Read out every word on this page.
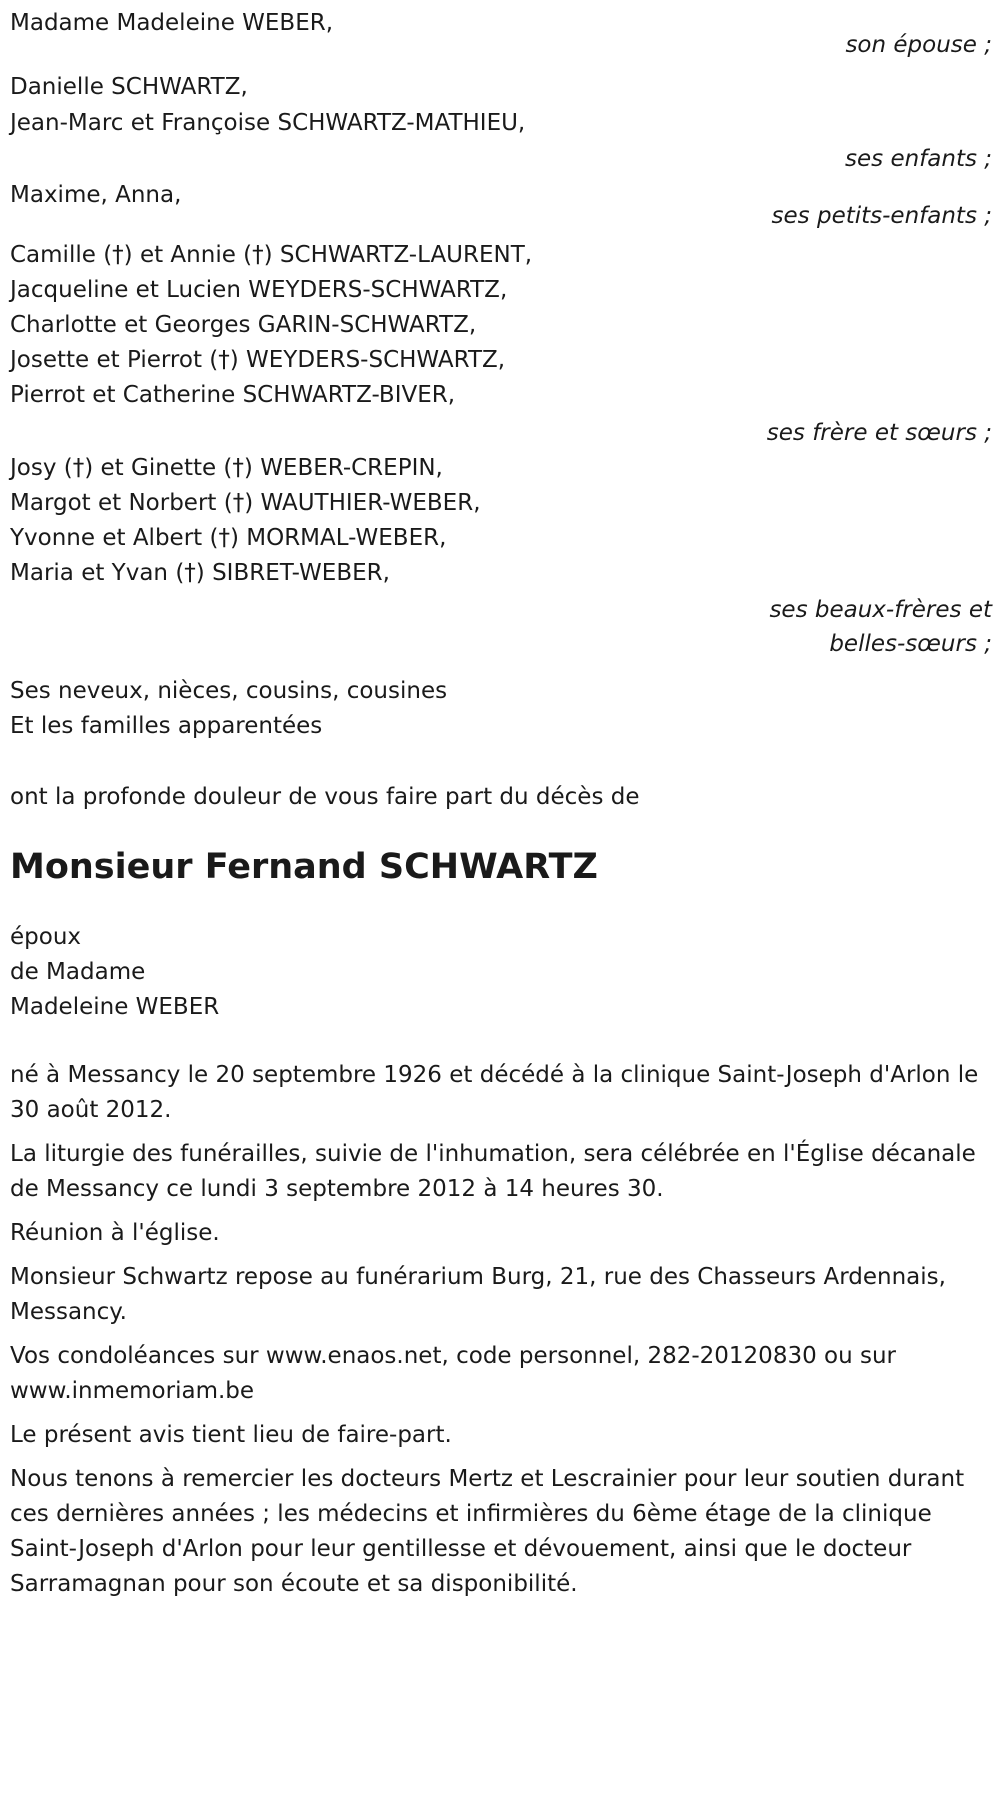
Madame Madeleine WEBER,
son épouse ;
Danielle SCHWARTZ,
Jean-Marc et Françoise SCHWARTZ-MATHIEU,
ses enfants ;
Maxime, Anna,
ses petits-enfants ;
Camille (†) et Annie (†) SCHWARTZ-LAURENT,
Jacqueline et Lucien WEYDERS-SCHWARTZ,
Charlotte et Georges GARIN-SCHWARTZ,
Josette et Pierrot (†) WEYDERS-SCHWARTZ,
Pierrot et Catherine SCHWARTZ-BIVER,
ses frère et sœurs ;
Josy (†) et Ginette (†) WEBER-CREPIN,
Margot et Norbert (†) WAUTHIER-WEBER,
Yvonne et Albert (†) MORMAL-WEBER,
Maria et Yvan (†) SIBRET-WEBER,
ses beaux-frères et
belles-sœurs ;
Ses neveux, nièces, cousins, cousines
Et les familles apparentées

ont la profonde douleur de vous faire part du décès de

Monsieur Fernand SCHWARTZ
époux
de Madame
Madeleine WEBER

né à Messancy le 20 septembre 1926 et décédé à la clinique Saint-Joseph d'Arlon le 30 août 2012.

La liturgie des funérailles, suivie de l'inhumation, sera célébrée en l'Église décanale de Messancy ce lundi 3 septembre 2012 à 14 heures 30.

Réunion à l'église.

Monsieur Schwartz repose au funérarium Burg, 21, rue des Chasseurs Ardennais, Messancy.

Vos condoléances sur www.enaos.net, code personnel, 282-20120830 ou sur www.inmemoriam.be

Le présent avis tient lieu de faire-part.

Nous tenons à remercier les docteurs Mertz et Lescrainier pour leur soutien durant ces dernières années ; les médecins et infirmières du 6ème étage de la clinique Saint-Joseph d'Arlon pour leur gentillesse et dévouement, ainsi que le docteur Sarramagnan pour son écoute et sa disponibilité.
